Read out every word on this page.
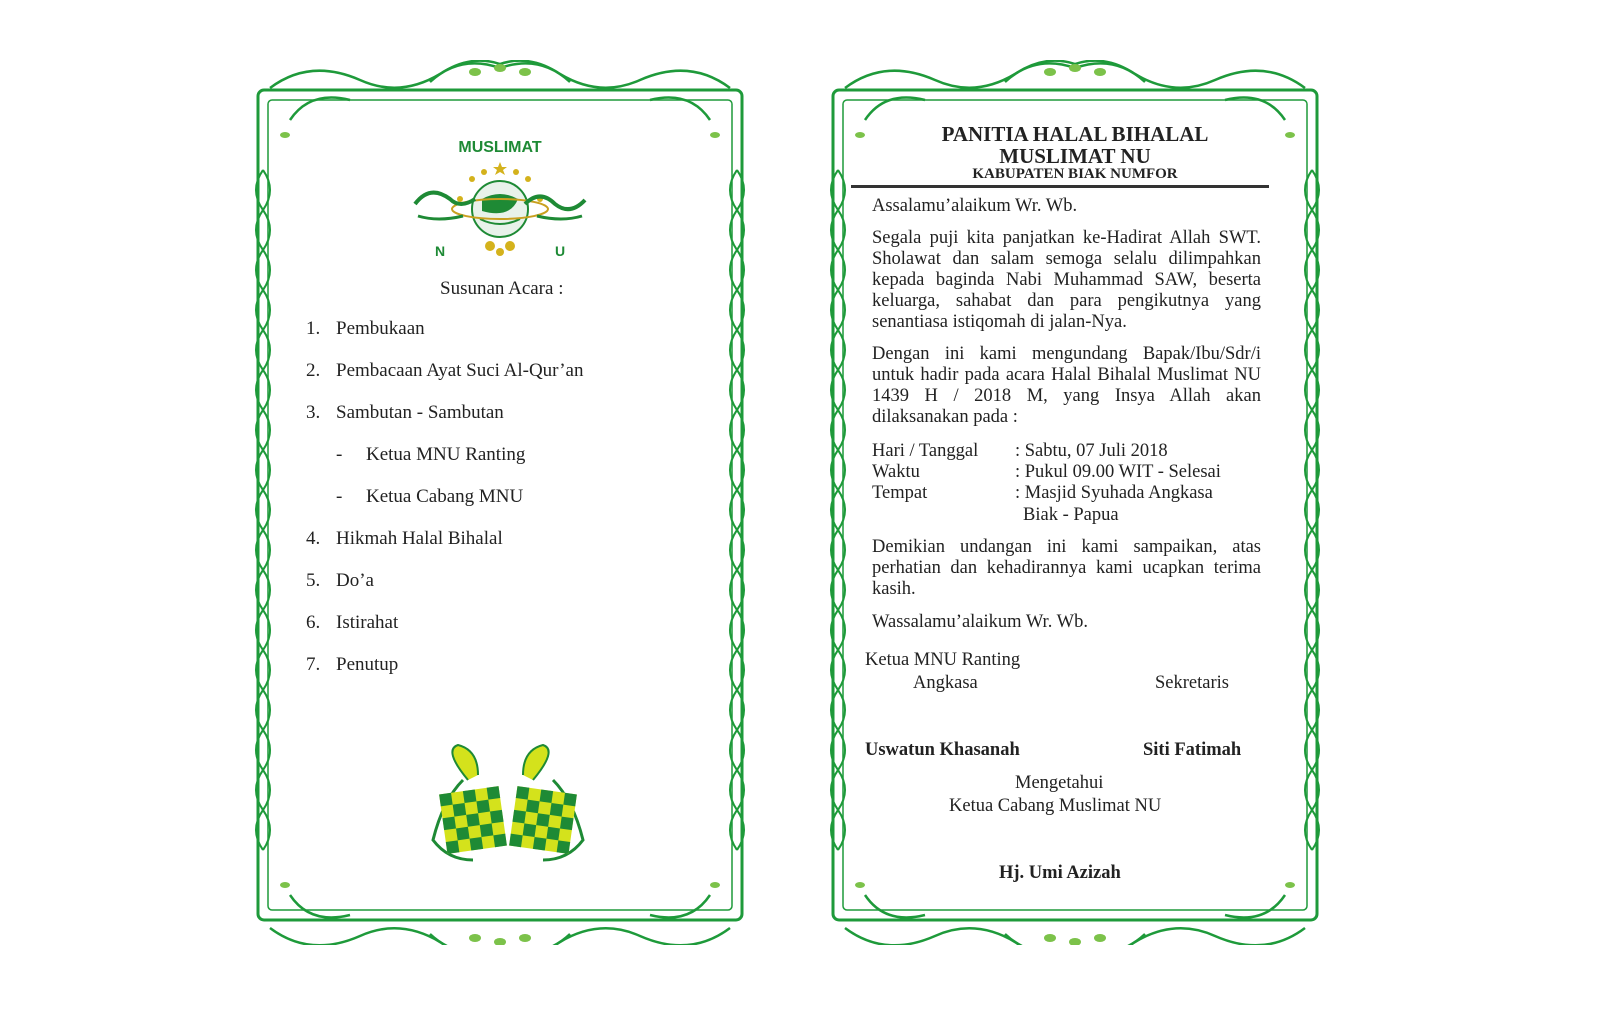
MUSLIMAT
N	U
Susunan Acara :
1. Pembukaan
2. Pembacaan Ayat Suci Al-Qur’an
3. Sambutan - Sambutan
- Ketua MNU Ranting
- Ketua Cabang MNU
4. Hikmah Halal Bihalal
5. Do’a
6. Istirahat
7. Penutup
PANITIA HALAL BIHALAL
MUSLIMAT NU
KABUPATEN BIAK NUMFOR
Assalamu’alaikum Wr. Wb.
Segala puji kita panjatkan ke-Hadirat Allah SWT. Sholawat dan salam semoga selalu dilimpahkan kepada baginda Nabi Muhammad SAW, beserta keluarga, sahabat dan para pengikutnya yang senantiasa istiqomah di jalan-Nya.
Dengan ini kami mengundang Bapak/Ibu/Sdr/i untuk hadir pada acara Halal Bihalal Muslimat NU 1439 H / 2018 M, yang Insya Allah akan dilaksanakan pada :
Hari / Tanggal : Sabtu, 07 Juli 2018
Waktu	: Pukul 09.00 WIT - Selesai
Tempat	: Masjid Syuhada Angkasa
Biak - Papua
Demikian undangan ini kami sampaikan, atas perhatian dan kehadirannya kami ucapkan terima kasih.
Wassalamu’alaikum Wr. Wb.
Ketua MNU Ranting
Angkasa	Sekretaris
Uswatun Khasanah	Siti Fatimah
Mengetahui
Ketua Cabang Muslimat NU
Hj. Umi Azizah
